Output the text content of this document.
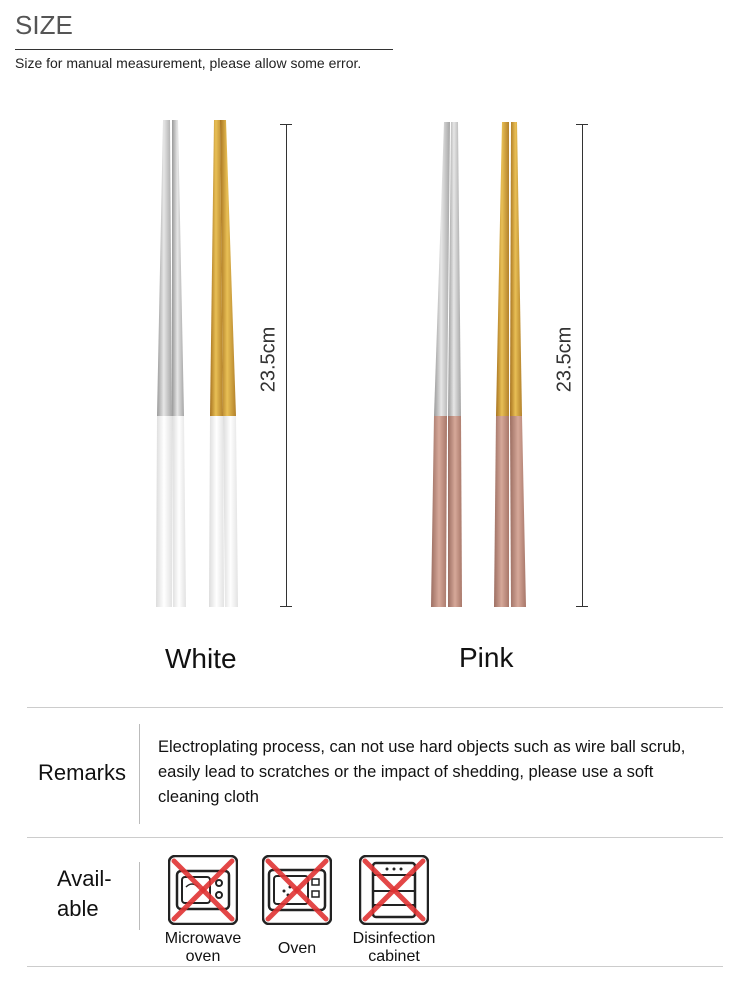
SIZE
Size for manual measurement, please allow some error.
23.5cm	23.5cm
White	Pink
Remarks
Electroplating process, can not use hard objects such as wire ball scrub, easily lead to scratches or the impact of shedding, please use a soft cleaning cloth
Avail-
able
Microwave
oven	Oven
Disinfection
cabinet
